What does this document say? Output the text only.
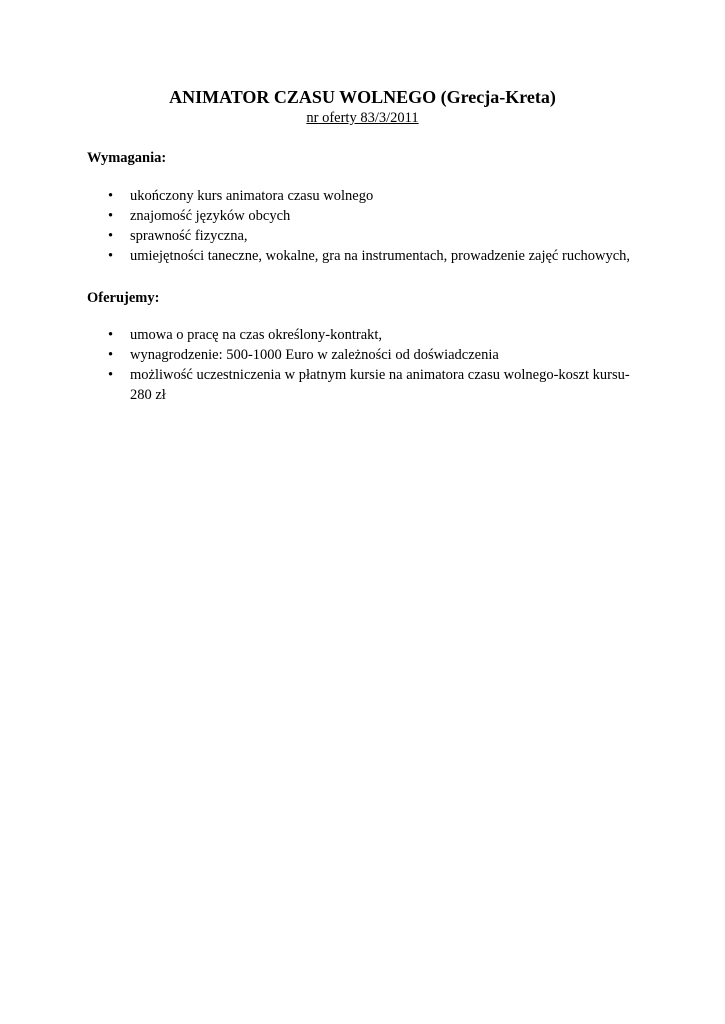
ANIMATOR CZASU WOLNEGO (Grecja-Kreta)
nr oferty 83/3/2011
Wymagania:
• ukończony kurs animatora czasu wolnego
• znajomość języków obcych
• sprawność fizyczna,
• umiejętności taneczne, wokalne, gra na instrumentach, prowadzenie zajęć ruchowych,
Oferujemy:
• umowa o pracę na czas określony-kontrakt,
• wynagrodzenie: 500-1000 Euro w zależności od doświadczenia
• możliwość uczestniczenia w płatnym kursie na animatora czasu wolnego-koszt kursu-280 zł
